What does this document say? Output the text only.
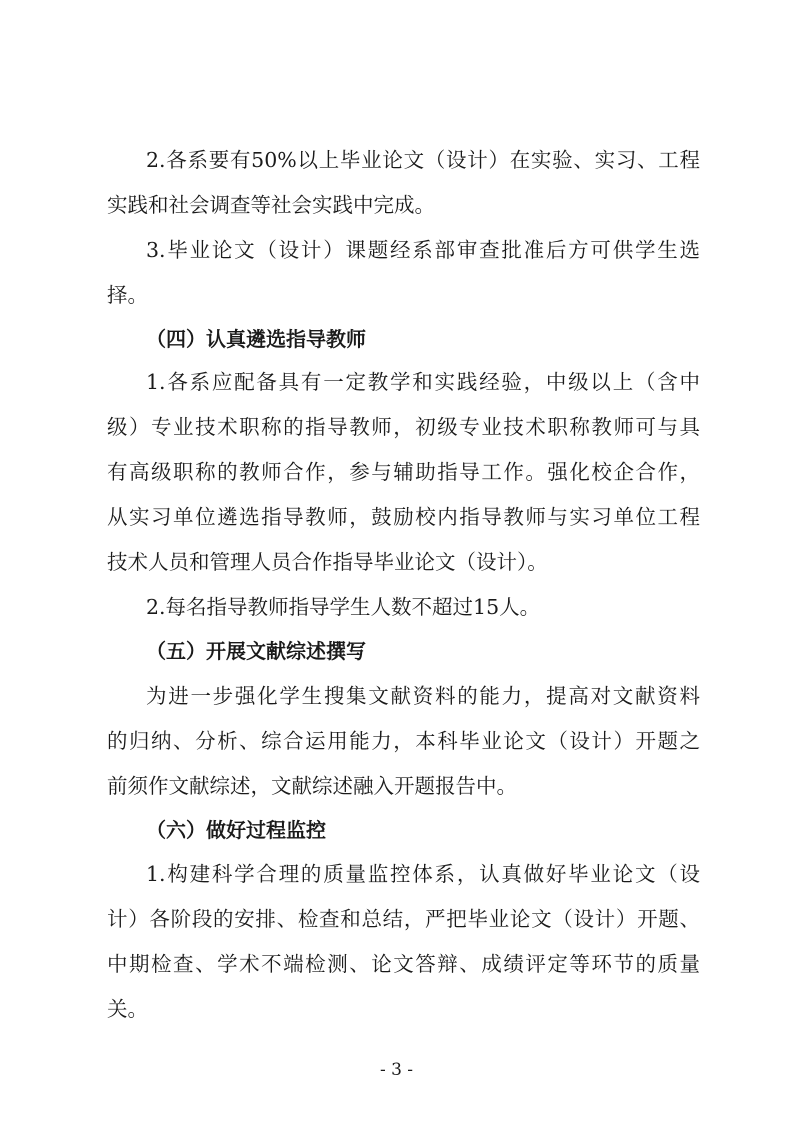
2.各系要有50%以上毕业论文（设计）在实验、实习、工程
实践和社会调查等社会实践中完成。
3.毕业论文（设计）课题经系部审查批准后方可供学生选
择。
（四）认真遴选指导教师
1.各系应配备具有一定教学和实践经验，中级以上（含中
级）专业技术职称的指导教师，初级专业技术职称教师可与具
有高级职称的教师合作，参与辅助指导工作。强化校企合作，
从实习单位遴选指导教师，鼓励校内指导教师与实习单位工程
技术人员和管理人员合作指导毕业论文（设计）。
2.每名指导教师指导学生人数不超过15人。
（五）开展文献综述撰写
为进一步强化学生搜集文献资料的能力，提高对文献资料
的归纳、分析、综合运用能力，本科毕业论文（设计）开题之
前须作文献综述，文献综述融入开题报告中。
（六）做好过程监控
1.构建科学合理的质量监控体系，认真做好毕业论文（设
计）各阶段的安排、检查和总结，严把毕业论文（设计）开题、
中期检查、学术不端检测、论文答辩、成绩评定等环节的质量
关。
- 3 -
